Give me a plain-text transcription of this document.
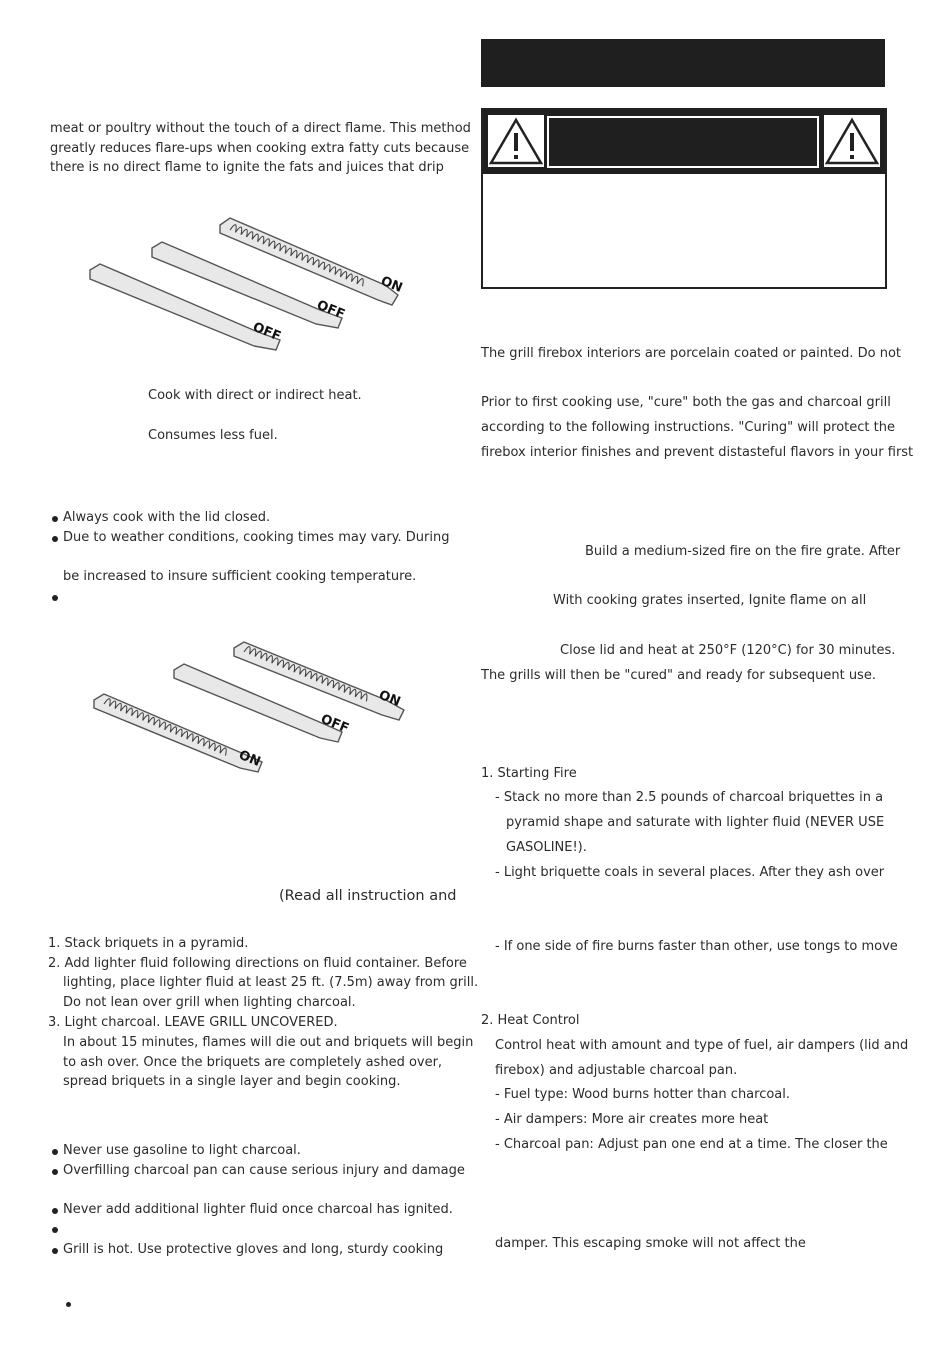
meat or poultry without the touch of a direct flame. This method
greatly reduces flare-ups when cooking extra fatty cuts because
there is no direct flame to ignite the fats and juices that drip
ON
OFF
OFF
Cook with direct or indirect heat.
Consumes less fuel.
Always cook with the lid closed.
Due to weather conditions, cooking times may vary. During
be increased to insure sufficient cooking temperature.
ON
OFF
ON
(Read all instruction and
1. Stack briquets in a pyramid.
2. Add lighter fluid following directions on fluid container. Before
lighting, place lighter fluid at least 25 ft. (7.5m) away from grill.
Do not lean over grill when lighting charcoal.
3. Light charcoal. LEAVE GRILL UNCOVERED.
In about 15 minutes, flames will die out and briquets will begin
to ash over. Once the briquets are completely ashed over,
spread briquets in a single layer and begin cooking.
Never use gasoline to light charcoal.
Overfilling charcoal pan can cause serious injury and damage
Never add additional lighter fluid once charcoal has ignited.
Grill is hot. Use protective gloves and long, sturdy cooking
The grill firebox interiors are porcelain coated or painted. Do not
Prior to first cooking use, "cure" both the gas and charcoal grill
according to the following instructions. "Curing" will protect the
firebox interior finishes and prevent distasteful flavors in your first
Build a medium-sized fire on the fire grate. After
With cooking grates inserted, Ignite flame on all
Close lid and heat at 250°F (120°C) for 30 minutes.
The grills will then be "cured" and ready for subsequent use.
1. Starting Fire
- Stack no more than 2.5 pounds of charcoal briquettes in a
pyramid shape and saturate with lighter fluid (NEVER USE
GASOLINE!).
- Light briquette coals in several places. After they ash over
- If one side of fire burns faster than other, use tongs to move
2. Heat Control
Control heat with amount and type of fuel, air dampers (lid and
firebox) and adjustable charcoal pan.
- Fuel type: Wood burns hotter than charcoal.
- Air dampers: More air creates more heat
- Charcoal pan: Adjust pan one end at a time. The closer the
damper. This escaping smoke will not affect the
